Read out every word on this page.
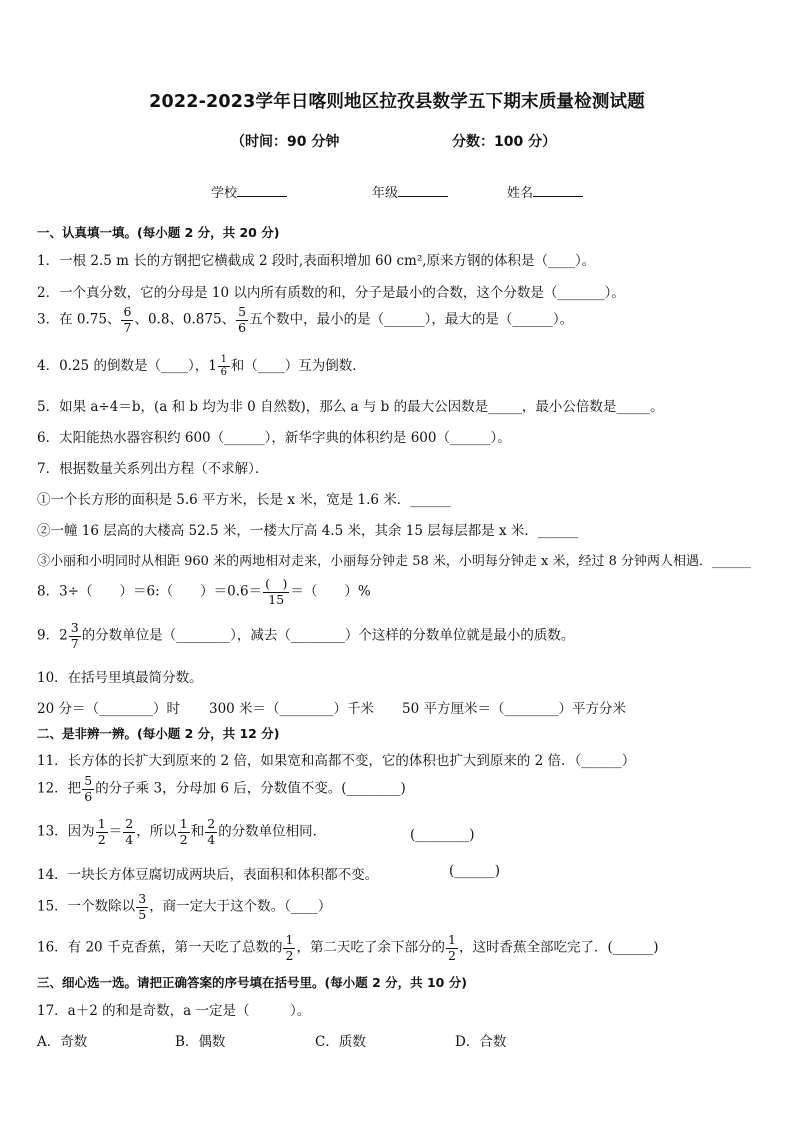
2022-2023学年日喀则地区拉孜县数学五下期末质量检测试题
（时间：90 分钟	分数：100 分）
学校	年级	姓名
一、认真填一填。(每小题 2 分，共 20 分)
1．一根 2.5 m 长的方钢把它横截成 2 段时,表面积增加 60 cm²,原来方钢的体积是（____）。
2．一个真分数，它的分母是 10 以内所有质数的和，分子是最小的合数，这个分数是（_______）。
3．在 0.75、 $\frac{6}{7}$ 、0.8、0.875、 $\frac{5}{6}$ 五个数中，最小的是（______），最大的是（______）。
4．0.25 的倒数是（____），$1 \frac{1}{6}$ 和（____）互为倒数．
5．如果 a÷4＝b，(a 和 b 均为非 0 自然数)，那么 a 与 b 的最大公因数是_____，最小公倍数是_____。
6．太阳能热水器容积约 600（______），新华字典的体积约是 600（______）。
7．根据数量关系列出方程（不求解）．
①一个长方形的面积是 5.6 平方米，长是 x 米，宽是 1.6 米．______
②一幢 16 层高的大楼高 52.5 米，一楼大厅高 4.5 米，其余 15 层每层都是 x 米．______
③小丽和小明同时从相距 960 米的两地相对走来，小丽每分钟走 58 米，小明每分钟走 x 米，经过 8 分钟两人相遇．______
8．3÷（　　）＝6:（　　）$=0.6= \frac{( )}{15}$ ＝（　　）%
9．$2 \frac{3}{7}$ 的分数单位是（________），减去（________）个这样的分数单位就是最小的质数。
10．在括号里填最简分数。
20 分＝（________）时 300 米＝（________）千米 50 平方厘米＝（________）平方分米
二、是非辨一辨。(每小题 2 分，共 12 分)
11．长方体的长扩大到原来的 2 倍，如果宽和高都不变，它的体积也扩大到原来的 2 倍．（______）
12．把 $\frac{5}{6}$ 的分子乘 3，分母加 6 后，分数值不变。(________)
13．因为 $\frac{1}{2} = \frac{2}{4}$ ，所以 $\frac{1}{2}$ 和 $\frac{2}{4}$ 的分数单位相同．	(________)
14．一块长方体豆腐切成两块后，表面积和体积都不变。	(______)
15．一个数除以 $\frac{3}{5}$ ，商一定大于这个数。（____）
16．有 20 千克香蕉，第一天吃了总数的 $\frac{1}{2}$ ，第二天吃了余下部分的 $\frac{1}{2}$ ，这时香蕉全部吃完了．(______)
三、细心选一选。请把正确答案的序号填在括号里。(每小题 2 分，共 10 分)
17．a＋2 的和是奇数，a 一定是（　　　）。
A．奇数	B．偶数	C．质数	D．合数
